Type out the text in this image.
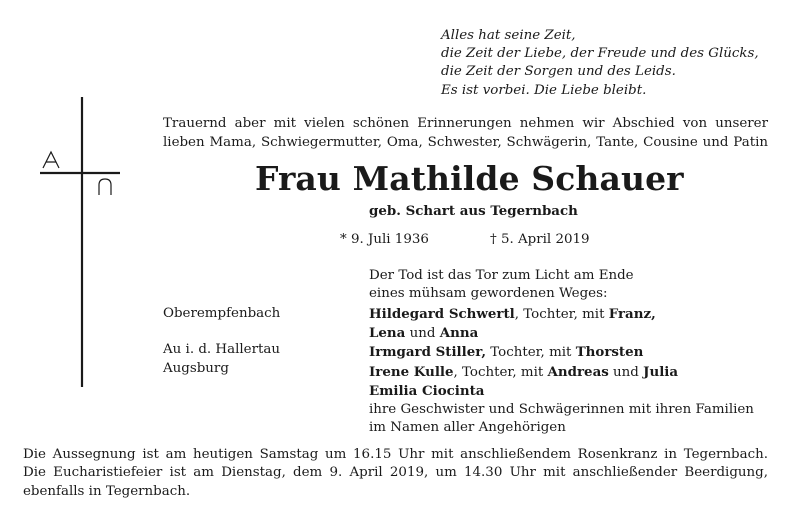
Alles hat seine Zeit,
die Zeit der Liebe, der Freude und des Glücks,
die Zeit der Sorgen und des Leids.
Es ist vorbei. Die Liebe bleibt.
Trauernd aber mit vielen schönen Erinnerungen nehmen wir Abschied von unserer
lieben Mama, Schwiegermutter, Oma, Schwester, Schwägerin, Tante, Cousine und Patin
Frau Mathilde Schauer
geb. Schart aus Tegernbach
* 9. Juli 1936	† 5. April 2019
Der Tod ist das Tor zum Licht am Ende
eines mühsam gewordenen Weges:
Oberempfenbach

Au i. d. Hallertau
Augsburg
Hildegard Schwertl, Tochter, mit Franz,
Lena und Anna
Irmgard Stiller, Tochter, mit Thorsten
Irene Kulle, Tochter, mit Andreas und Julia
Emilia Ciocinta
ihre Geschwister und Schwägerinnen mit ihren Familien
im Namen aller Angehörigen
Die Aussegnung ist am heutigen Samstag um 16.15 Uhr mit anschließendem Rosenkranz in Tegernbach.
Die Eucharistiefeier ist am Dienstag, dem 9. April 2019, um 14.30 Uhr mit anschließender Beerdigung,
ebenfalls in Tegernbach.
